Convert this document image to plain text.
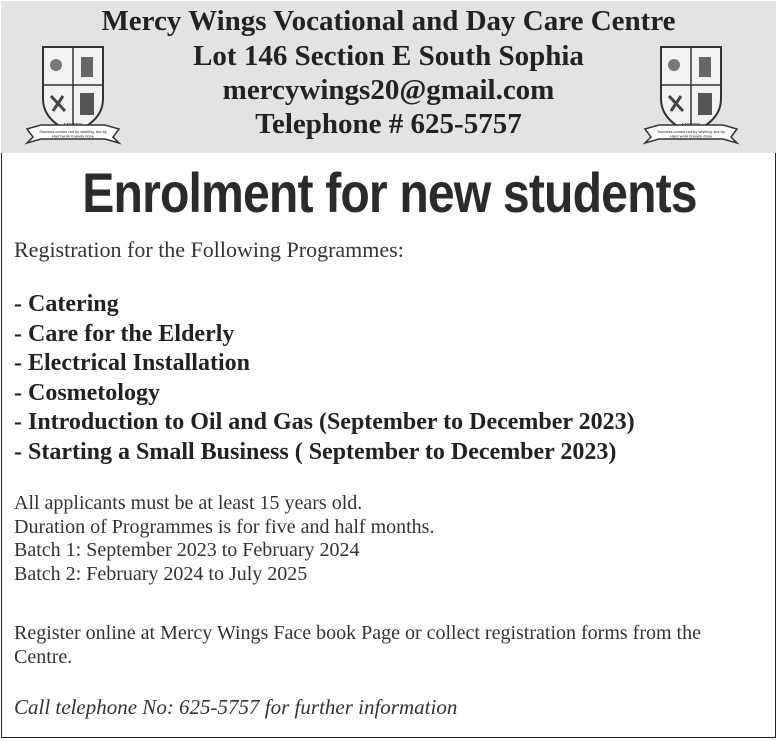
Mercy Wings Vocational and Day Care Centre
Lot 146 Section E South Sophia
mercywings20@gmail.com
Telephone # 625-5757
Success comes not by wishing, but by
Hard work bravely done
Success comes not by wishing, but by
Hard work bravely done
Enrolment for new students
Registration for the Following Programmes:
- Catering
- Care for the Elderly
- Electrical Installation
- Cosmetology
- Introduction to Oil and Gas (September to December 2023)
- Starting a Small Business ( September to December 2023)
All applicants must be at least 15 years old.
Duration of Programmes is for five and half months.
Batch 1: September 2023 to February 2024
Batch 2: February 2024 to July 2025
Register online at Mercy Wings Face book Page or collect registration forms from the Centre.
Call telephone No: 625-5757 for further information
